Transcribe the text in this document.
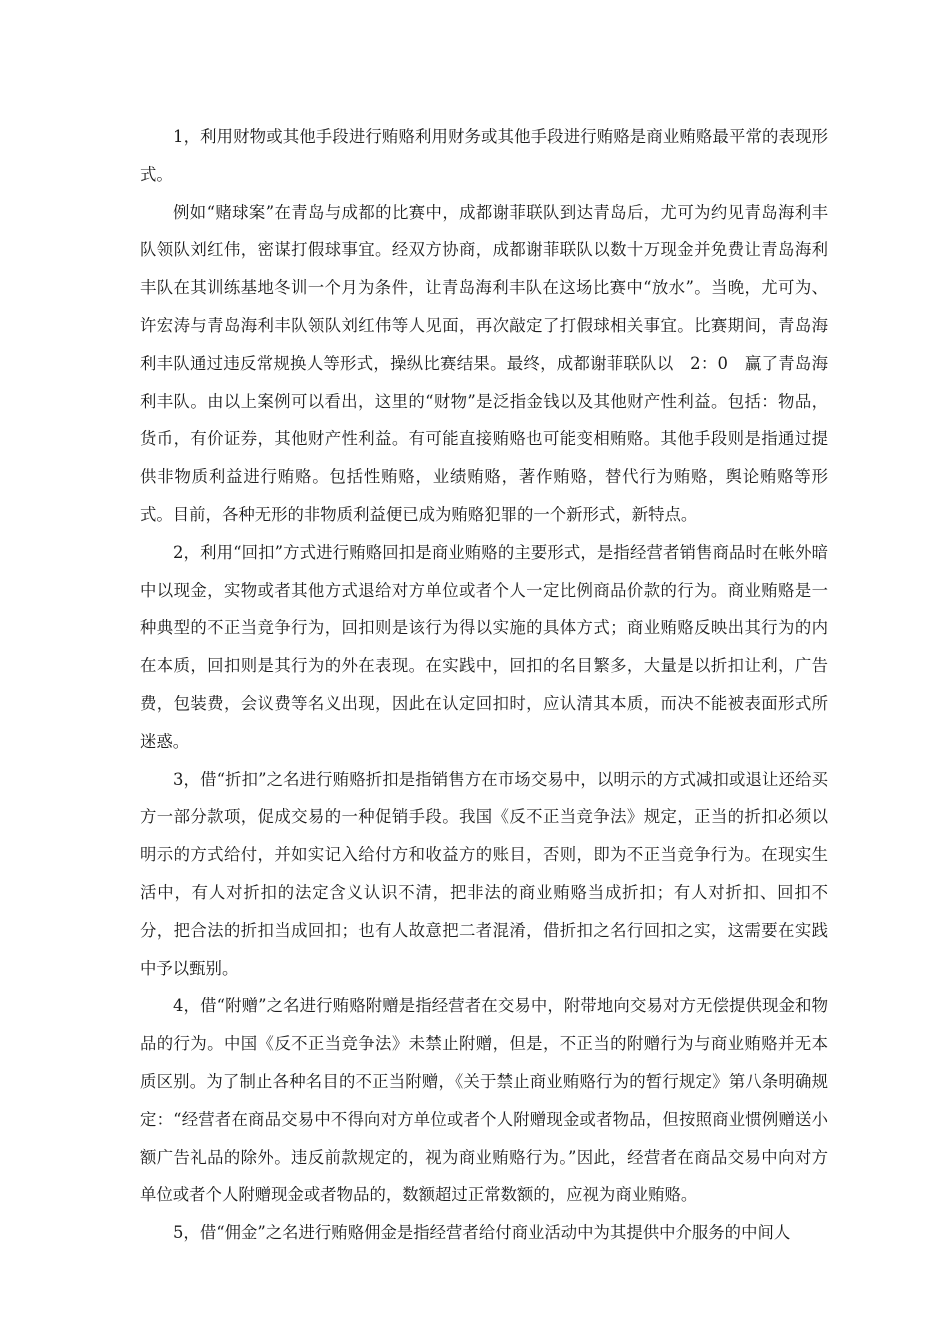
1，利用财物或其他手段进行贿赂利用财务或其他手段进行贿赂是商业贿赂最平常的表现形式。

例如“赌球案”在青岛与成都的比赛中，成都谢菲联队到达青岛后，尤可为约见青岛海利丰队领队刘红伟，密谋打假球事宜。经双方协商，成都谢菲联队以数十万现金并免费让青岛海利丰队在其训练基地冬训一个月为条件，让青岛海利丰队在这场比赛中“放水”。当晚，尤可为、许宏涛与青岛海利丰队领队刘红伟等人见面，再次敲定了打假球相关事宜。比赛期间，青岛海利丰队通过违反常规换人等形式，操纵比赛结果。最终，成都谢菲联队以　2：0　赢了青岛海利丰队。由以上案例可以看出，这里的“财物”是泛指金钱以及其他财产性利益。包括：物品，货币，有价证券，其他财产性利益。有可能直接贿赂也可能变相贿赂。其他手段则是指通过提供非物质利益进行贿赂。包括性贿赂，业绩贿赂，著作贿赂，替代行为贿赂，舆论贿赂等形式。目前，各种无形的非物质利益便已成为贿赂犯罪的一个新形式，新特点。

2，利用“回扣”方式进行贿赂回扣是商业贿赂的主要形式，是指经营者销售商品时在帐外暗中以现金，实物或者其他方式退给对方单位或者个人一定比例商品价款的行为。商业贿赂是一种典型的不正当竞争行为，回扣则是该行为得以实施的具体方式；商业贿赂反映出其行为的内在本质，回扣则是其行为的外在表现。在实践中，回扣的名目繁多，大量是以折扣让利，广告费，包装费，会议费等名义出现，因此在认定回扣时，应认清其本质，而决不能被表面形式所迷惑。

3，借“折扣”之名进行贿赂折扣是指销售方在市场交易中，以明示的方式减扣或退让还给买方一部分款项，促成交易的一种促销手段。我国《反不正当竞争法》规定，正当的折扣必须以明示的方式给付，并如实记入给付方和收益方的账目，否则，即为不正当竞争行为。在现实生活中，有人对折扣的法定含义认识不清，把非法的商业贿赂当成折扣；有人对折扣、回扣不分，把合法的折扣当成回扣；也有人故意把二者混淆，借折扣之名行回扣之实，这需要在实践中予以甄别。

4，借“附赠”之名进行贿赂附赠是指经营者在交易中，附带地向交易对方无偿提供现金和物品的行为。中国《反不正当竞争法》未禁止附赠，但是，不正当的附赠行为与商业贿赂并无本质区别。为了制止各种名目的不正当附赠，《关于禁止商业贿赂行为的暂行规定》第八条明确规定：“经营者在商品交易中不得向对方单位或者个人附赠现金或者物品，但按照商业惯例赠送小额广告礼品的除外。违反前款规定的，视为商业贿赂行为。”因此，经营者在商品交易中向对方单位或者个人附赠现金或者物品的，数额超过正常数额的，应视为商业贿赂。

5，借“佣金”之名进行贿赂佣金是指经营者给付商业活动中为其提供中介服务的中间人
